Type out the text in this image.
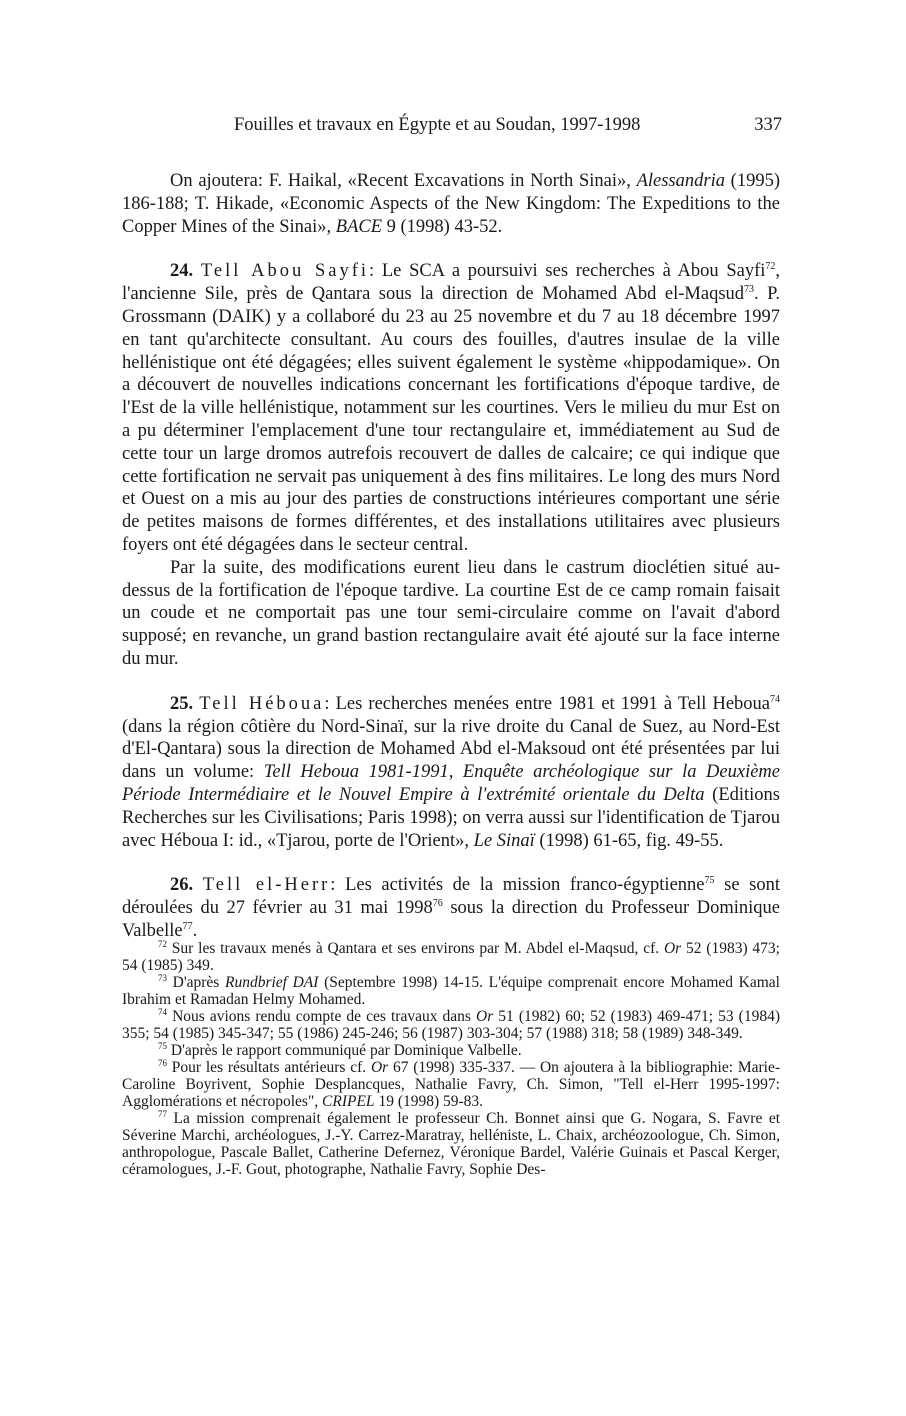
Fouilles et travaux en Égypte et au Soudan, 1997-1998	337

On ajoutera: F. Haikal, «Recent Excavations in North Sinai», Alessandria (1995) 186-188; T. Hikade, «Economic Aspects of the New Kingdom: The Expeditions to the Copper Mines of the Sinai», BACE 9 (1998) 43-52.

24. Tell Abou Sayfi: Le SCA a poursuivi ses recherches à Abou Sayfi$^{72}$, l'ancienne Sile, près de Qantara sous la direction de Mohamed Abd el-Maqsud$^{73}$. P. Grossmann (DAIK) y a collaboré du 23 au 25 novembre et du 7 au 18 décembre 1997 en tant qu'architecte consultant. Au cours des fouilles, d'autres insulae de la ville hellénistique ont été dégagées; elles suivent également le système «hippodamique». On a découvert de nouvelles indications concernant les fortifications d'époque tardive, de l'Est de la ville hellénistique, notamment sur les courtines. Vers le milieu du mur Est on a pu déterminer l'emplacement d'une tour rectangulaire et, immédiatement au Sud de cette tour un large dromos autrefois recouvert de dalles de calcaire; ce qui indique que cette fortification ne servait pas uniquement à des fins militaires. Le long des murs Nord et Ouest on a mis au jour des parties de constructions intérieures comportant une série de petites maisons de formes différentes, et des installations utilitaires avec plusieurs foyers ont été dégagées dans le secteur central.

Par la suite, des modifications eurent lieu dans le castrum dioclétien situé au-dessus de la fortification de l'époque tardive. La courtine Est de ce camp romain faisait un coude et ne comportait pas une tour semi-circulaire comme on l'avait d'abord supposé; en revanche, un grand bastion rectangulaire avait été ajouté sur la face interne du mur.

25. Tell Héboua: Les recherches menées entre 1981 et 1991 à Tell Heboua$^{74}$ (dans la région côtière du Nord-Sinaï, sur la rive droite du Canal de Suez, au Nord-Est d'El-Qantara) sous la direction de Mohamed Abd el-Maksoud ont été présentées par lui dans un volume: Tell Heboua 1981-1991, Enquête archéologique sur la Deuxième Période Intermédiaire et le Nouvel Empire à l'extrémité orientale du Delta (Editions Recherches sur les Civilisations; Paris 1998); on verra aussi sur l'identification de Tjarou avec Héboua I: id., «Tjarou, porte de l'Orient», Le Sinaï (1998) 61-65, fig. 49-55.

26. Tell el-Herr: Les activités de la mission franco-égyptienne$^{75}$ se sont déroulées du 27 février au 31 mai 1998$^{76}$ sous la direction du Professeur Dominique Valbelle$^{77}$.

$^{72}$ Sur les travaux menés à Qantara et ses environs par M. Abdel el-Maqsud, cf. Or 52 (1983) 473; 54 (1985) 349.

$^{73}$ D'après Rundbrief DAI (Septembre 1998) 14-15. L'équipe comprenait encore Mohamed Kamal Ibrahim et Ramadan Helmy Mohamed.

$^{74}$ Nous avions rendu compte de ces travaux dans Or 51 (1982) 60; 52 (1983) 469-471; 53 (1984) 355; 54 (1985) 345-347; 55 (1986) 245-246; 56 (1987) 303-304; 57 (1988) 318; 58 (1989) 348-349.

$^{75}$ D'après le rapport communiqué par Dominique Valbelle.

$^{76}$ Pour les résultats antérieurs cf. Or 67 (1998) 335-337. — On ajoutera à la bibliographie: Marie-Caroline Boyrivent, Sophie Desplancques, Nathalie Favry, Ch. Simon, "Tell el-Herr 1995-1997: Agglomérations et nécropoles", CRIPEL 19 (1998) 59-83.

$^{77}$ La mission comprenait également le professeur Ch. Bonnet ainsi que G. Nogara, S. Favre et Séverine Marchi, archéologues, J.-Y. Carrez-Maratray, helléniste, L. Chaix, archéozoologue, Ch. Simon, anthropologue, Pascale Ballet, Catherine Defernez, Véronique Bardel, Valérie Guinais et Pascal Kerger, céramologues, J.-F. Gout, photographe, Nathalie Favry, Sophie Des-
